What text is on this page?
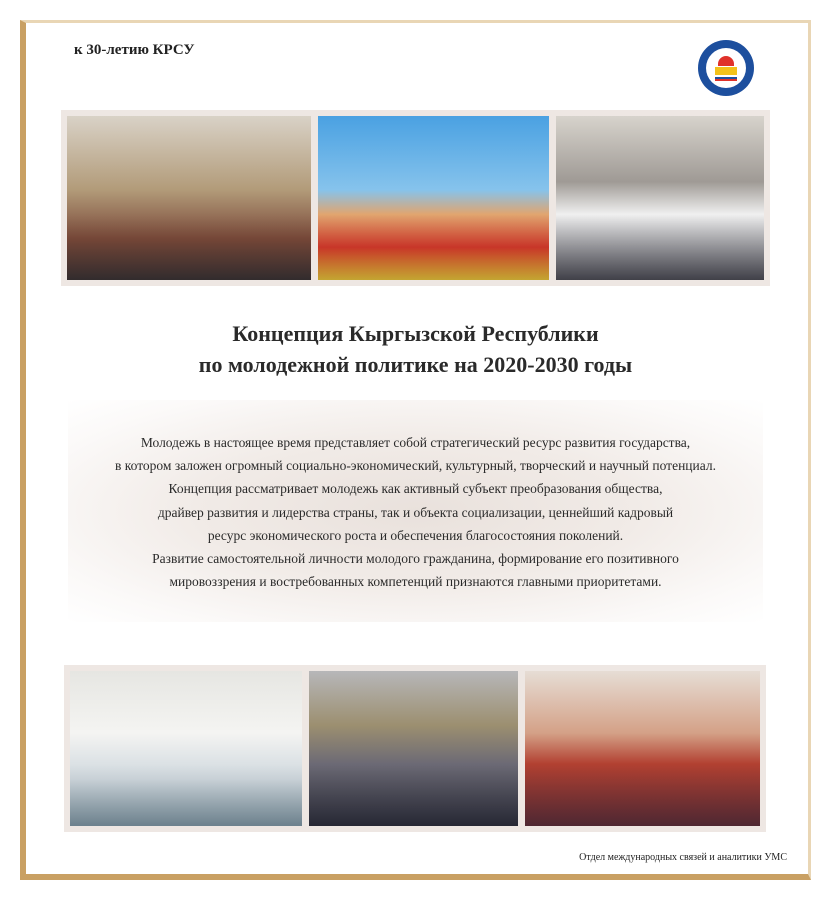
к 30-летию КРСУ
Концепция Кыргызской Республики
по молодежной политике на 2020-2030 годы
Молодежь в настоящее время представляет собой стратегический ресурс развития государства,
в котором заложен огромный социально-экономический, культурный, творческий и научный потенциал.
Концепция рассматривает молодежь как активный субъект преобразования общества,
драйвер развития и лидерства страны, так и объекта социализации, ценнейший кадровый
ресурс экономического роста и обеспечения благосостояния поколений.
Развитие самостоятельной личности молодого гражданина, формирование его позитивного
мировоззрения и востребованных компетенций признаются главными приоритетами.
Отдел международных связей и аналитики УМС
